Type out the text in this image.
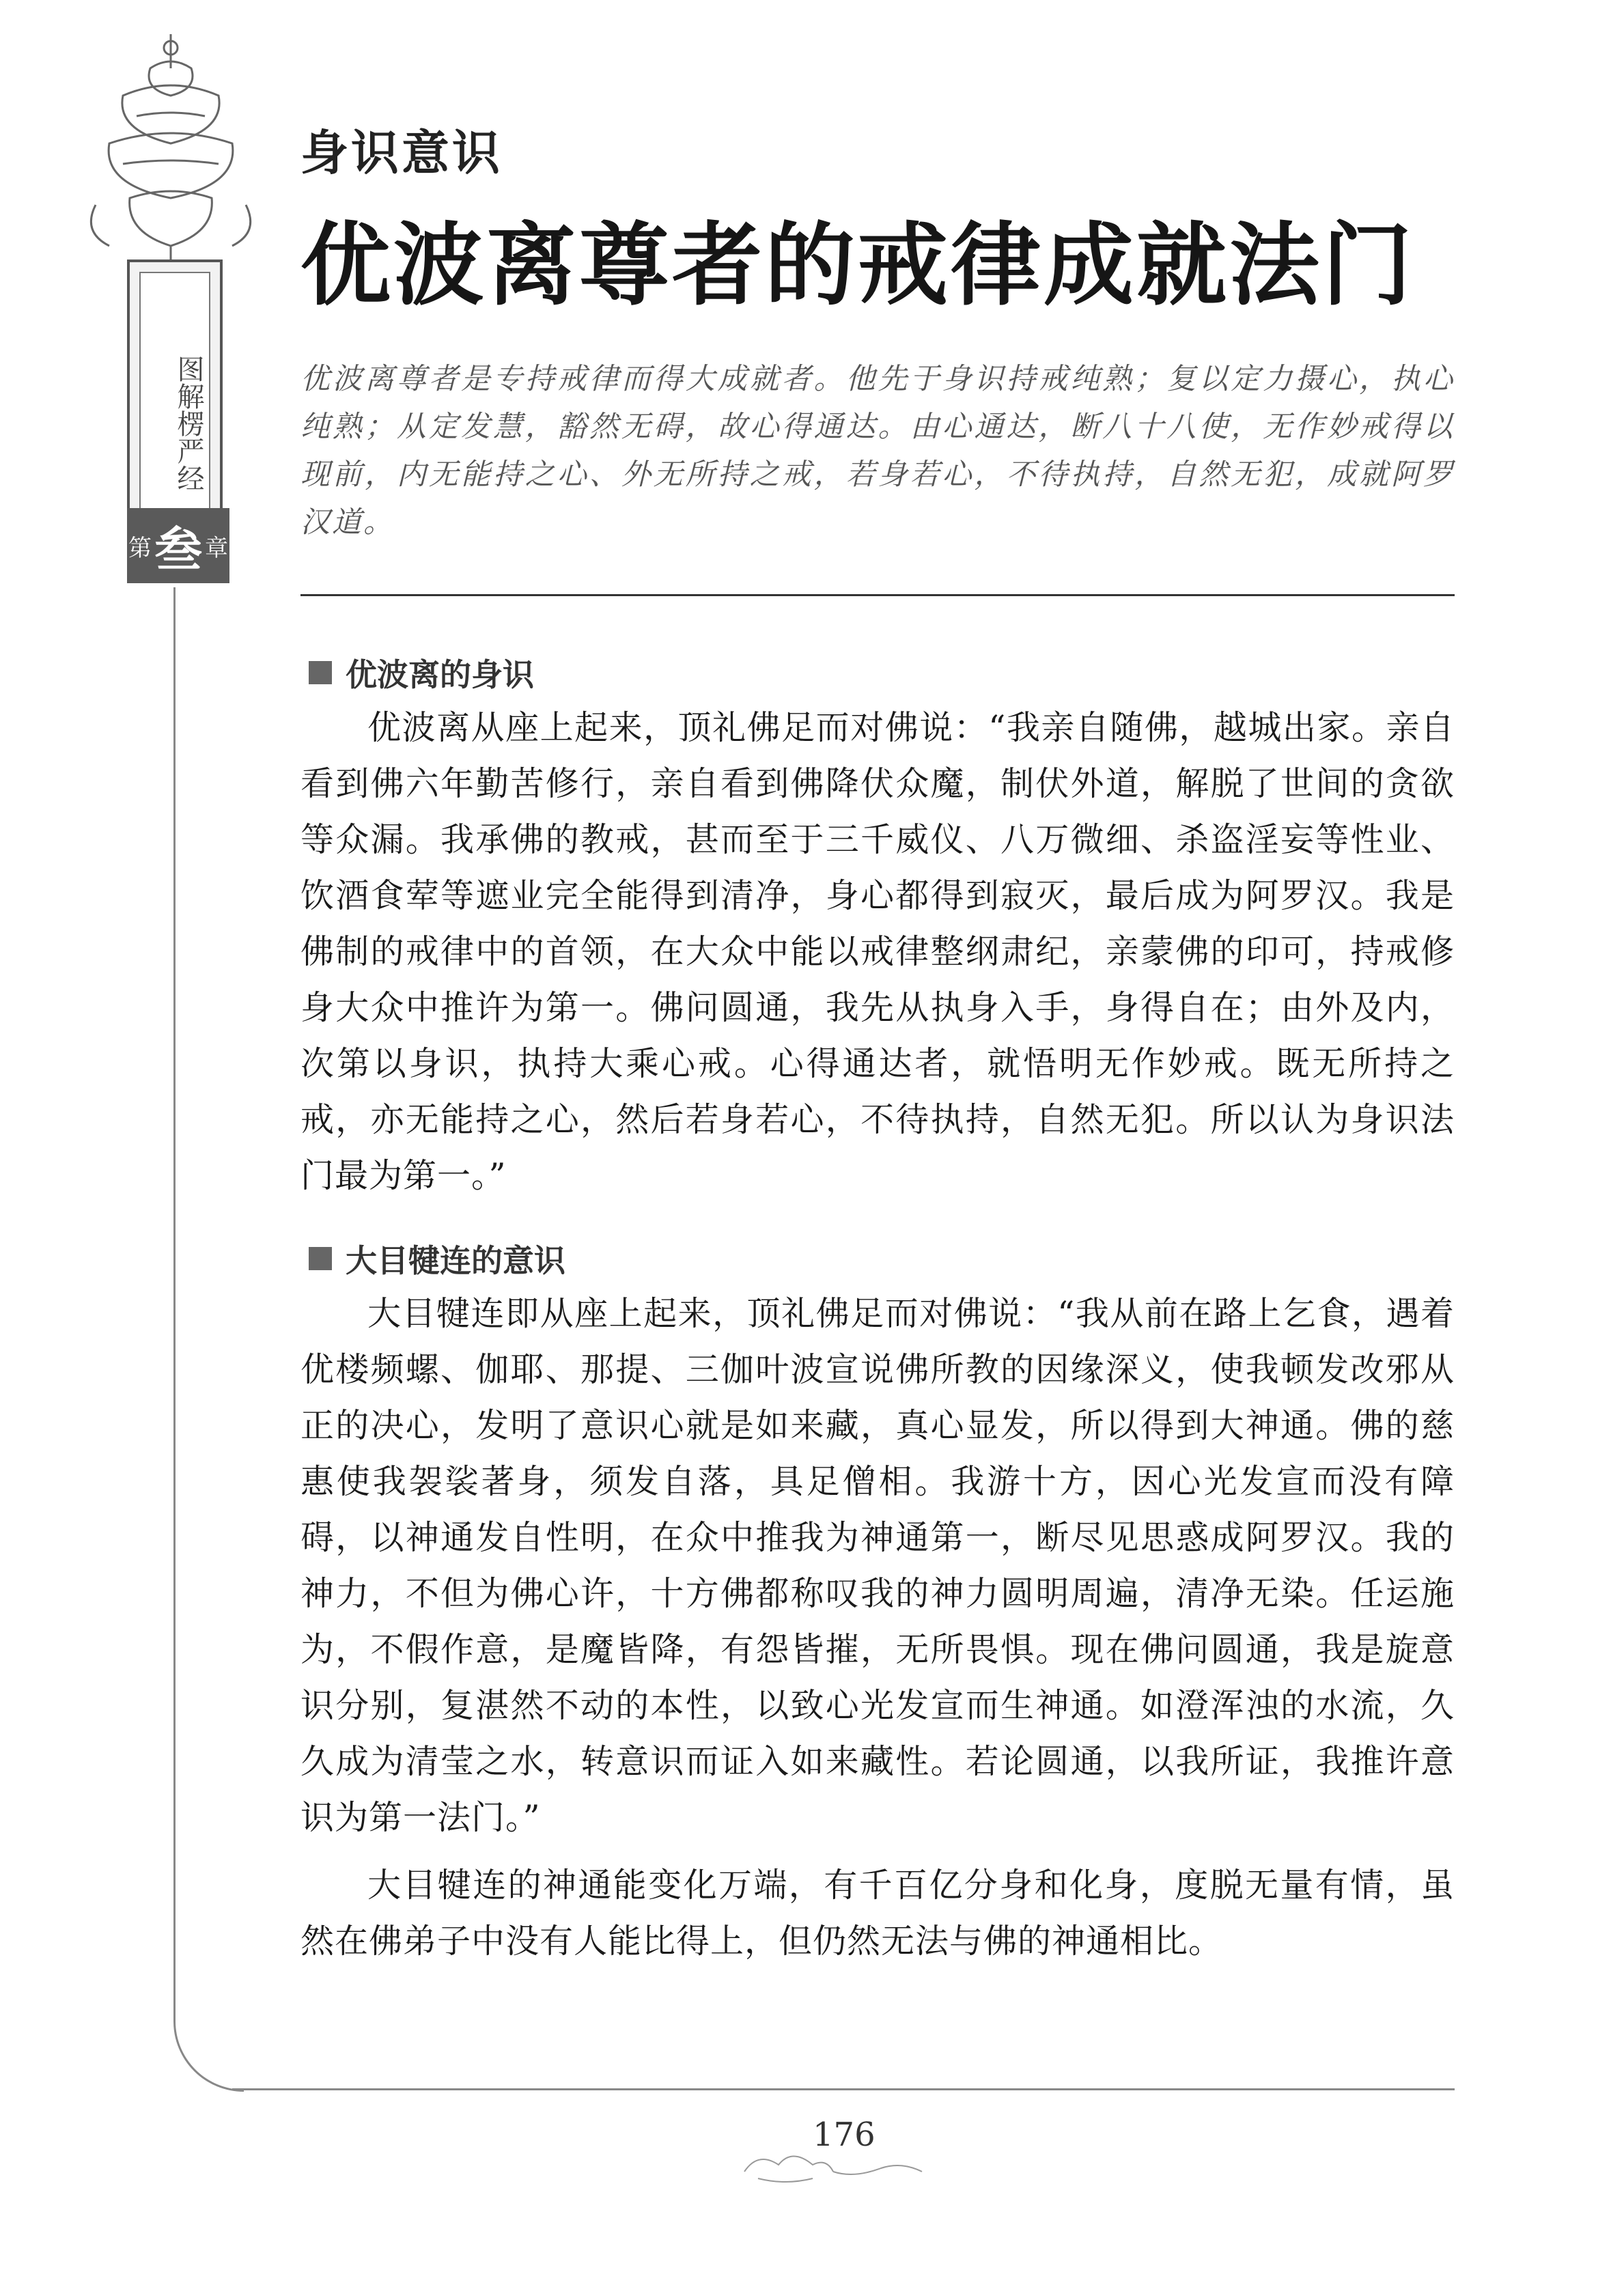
图解楞严经
第 叁 章
身识意识
优波离尊者的戒律成就法门

优波离尊者是专持戒律而得大成就者。他先于身识持戒纯熟；复以定力摄心，执心纯熟；从定发慧，豁然无碍，故心得通达。由心通达，断八十八使，无作妙戒得以现前，内无能持之心、外无所持之戒，若身若心，不待执持，自然无犯，成就阿罗汉道。

优波离的身识

优波离从座上起来，顶礼佛足而对佛说：“我亲自随佛，越城出家。亲自看到佛六年勤苦修行，亲自看到佛降伏众魔，制伏外道，解脱了世间的贪欲等众漏。我承佛的教戒，甚而至于三千威仪、八万微细、杀盗淫妄等性业、饮酒食荤等遮业完全能得到清净，身心都得到寂灭，最后成为阿罗汉。我是佛制的戒律中的首领，在大众中能以戒律整纲肃纪，亲蒙佛的印可，持戒修身大众中推许为第一。佛问圆通，我先从执身入手，身得自在；由外及内，次第以身识，执持大乘心戒。心得通达者，就悟明无作妙戒。既无所持之戒，亦无能持之心，然后若身若心，不待执持，自然无犯。所以认为身识法门最为第一。”

大目犍连的意识

大目犍连即从座上起来，顶礼佛足而对佛说：“我从前在路上乞食，遇着优楼频螺、伽耶、那提、三伽叶波宣说佛所教的因缘深义，使我顿发改邪从正的决心，发明了意识心就是如来藏，真心显发，所以得到大神通。佛的慈惠使我袈裟著身，须发自落，具足僧相。我游十方，因心光发宣而没有障碍，以神通发自性明，在众中推我为神通第一，断尽见思惑成阿罗汉。我的神力，不但为佛心许，十方佛都称叹我的神力圆明周遍，清净无染。任运施为，不假作意，是魔皆降，有怨皆摧，无所畏惧。现在佛问圆通，我是旋意识分别，复湛然不动的本性，以致心光发宣而生神通。如澄浑浊的水流，久久成为清莹之水，转意识而证入如来藏性。若论圆通，以我所证，我推许意识为第一法门。”

大目犍连的神通能变化万端，有千百亿分身和化身，度脱无量有情，虽然在佛弟子中没有人能比得上，但仍然无法与佛的神通相比。

176
